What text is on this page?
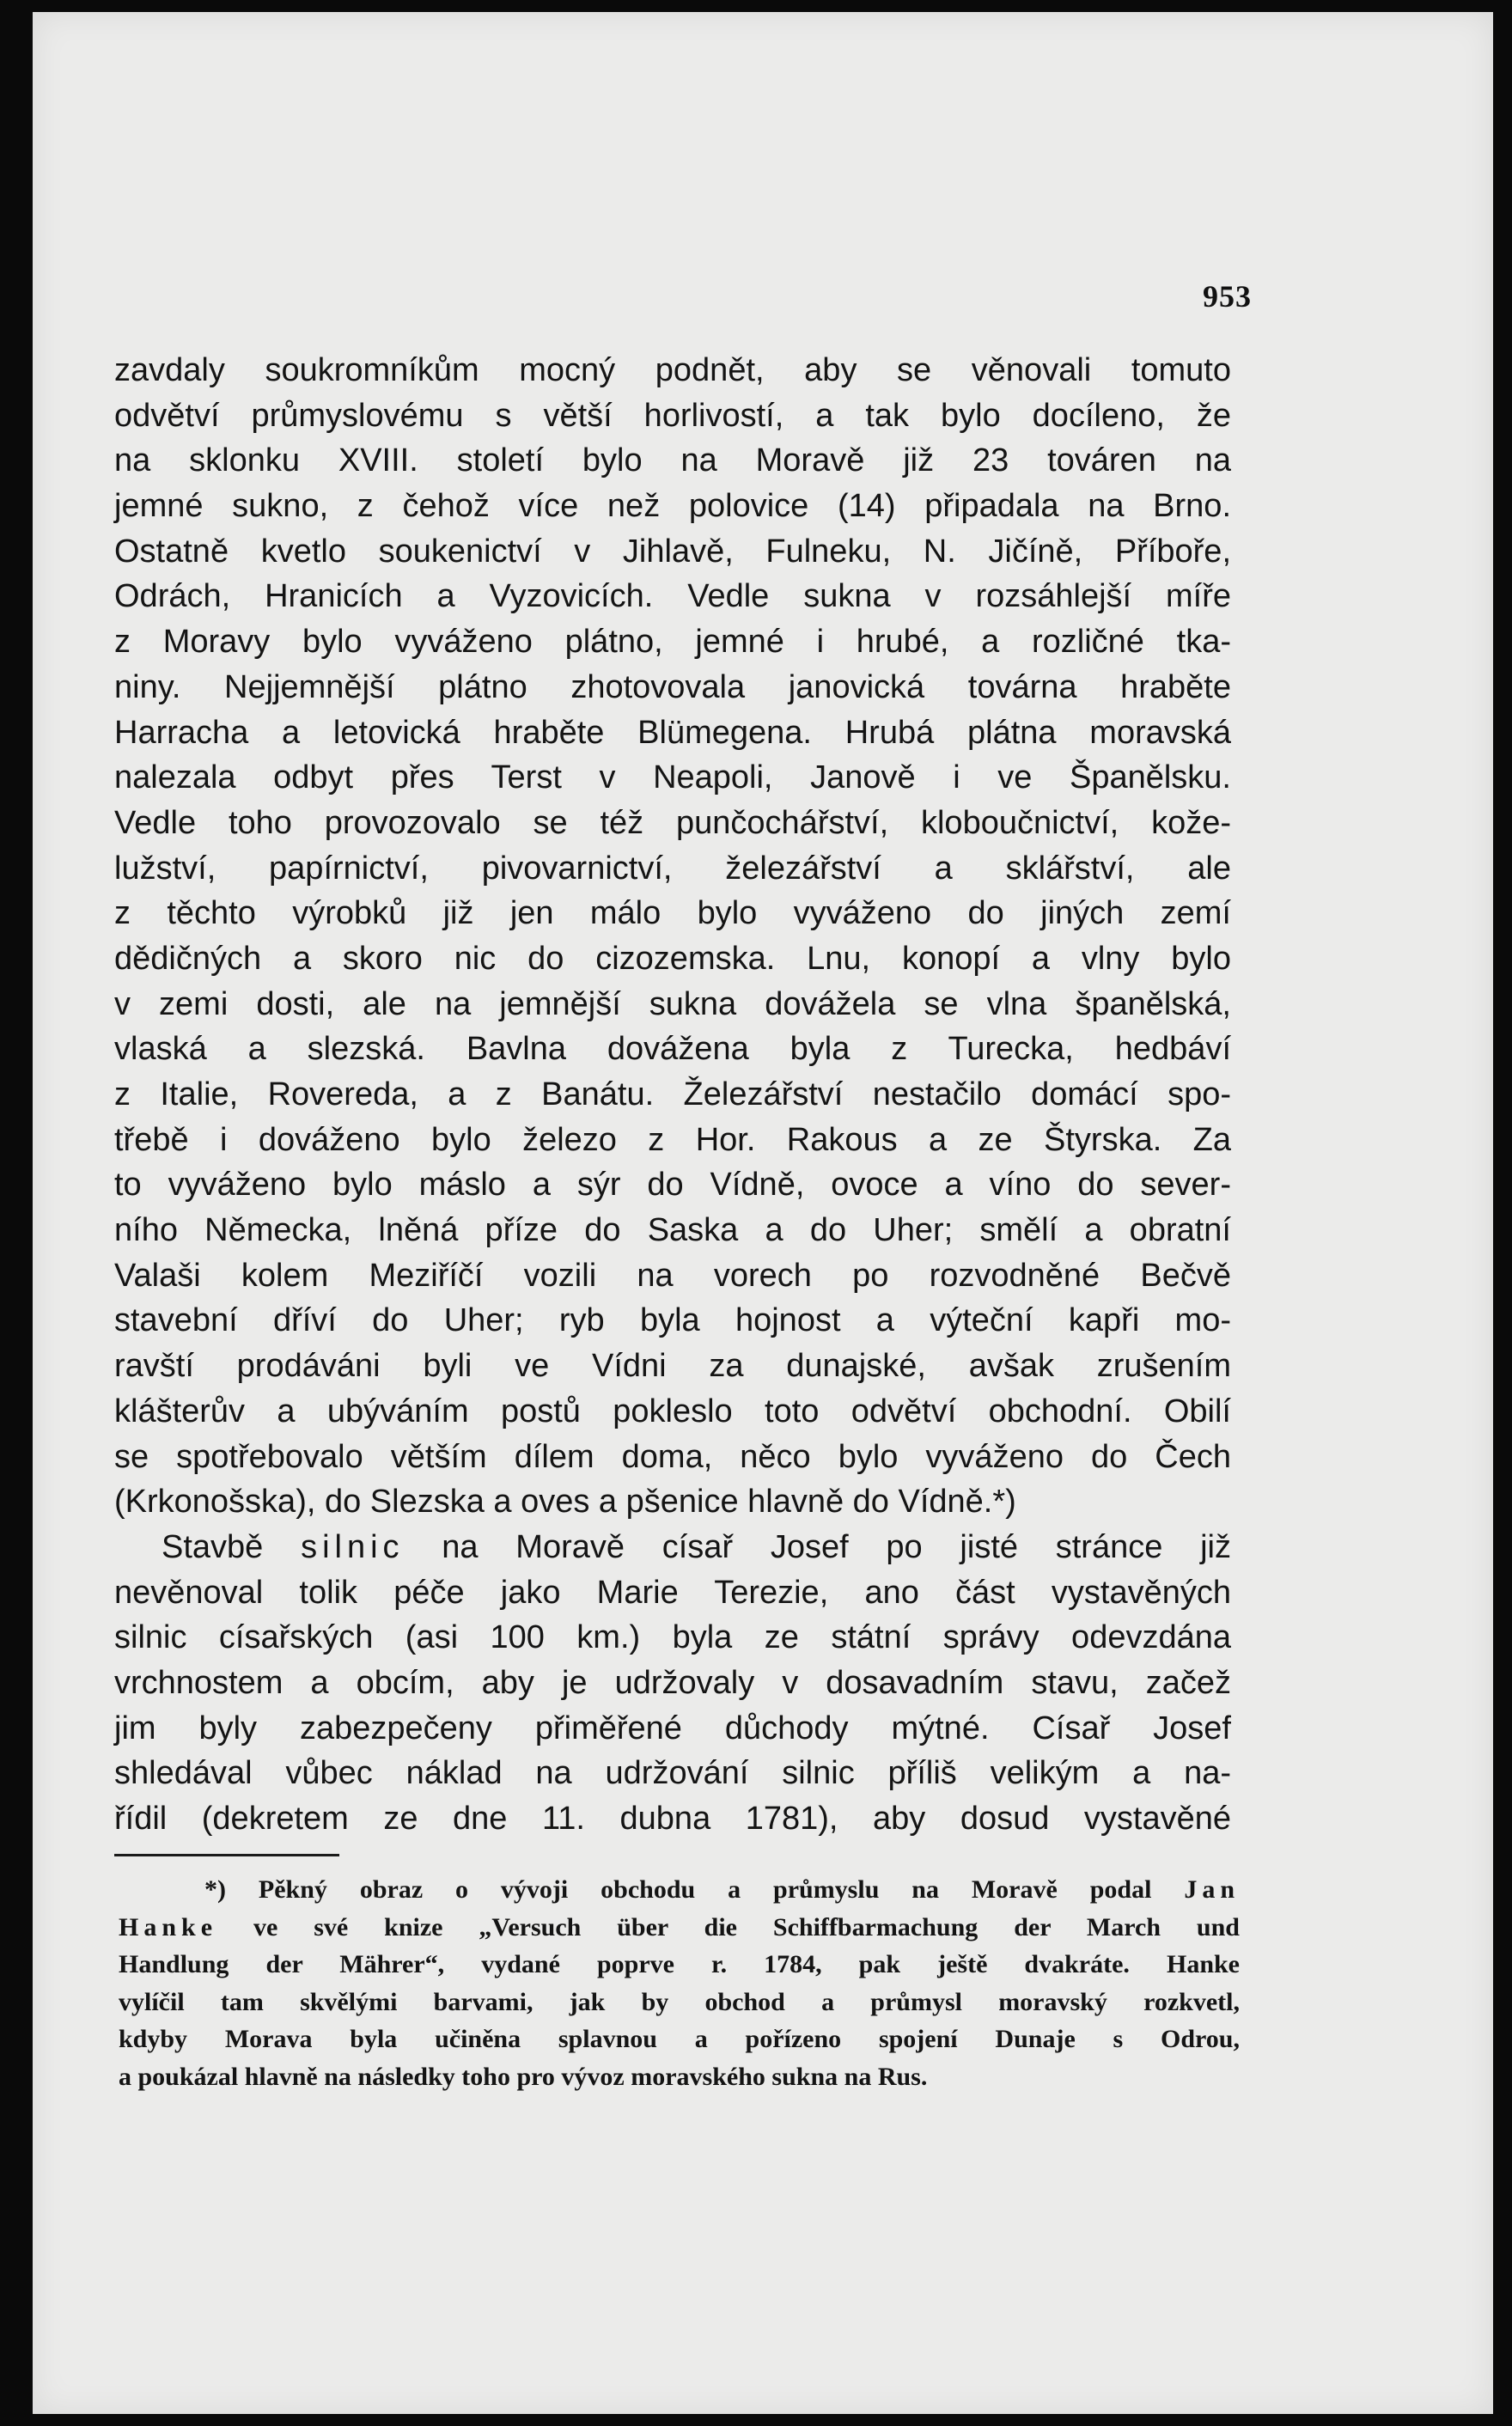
953
zavdaly soukromníkům mocný podnět, aby se věnovali tomuto
odvětví průmyslovému s větší horlivostí, a tak bylo docíleno, že
na sklonku XVIII. století bylo na Moravě již 23 továren na
jemné sukno, z čehož více než polovice (14) připadala na Brno.
Ostatně kvetlo soukenictví v Jihlavě, Fulneku, N. Jičíně, Příboře,
Odrách, Hranicích a Vyzovicích. Vedle sukna v rozsáhlejší míře
z Moravy bylo vyváženo plátno, jemné i hrubé, a rozličné tka-
niny. Nejjemnější plátno zhotovovala janovická továrna hraběte
Harracha a letovická hraběte Blümegena. Hrubá plátna moravská
nalezala odbyt přes Terst v Neapoli, Janově i ve Španělsku.
Vedle toho provozovalo se též punčochářství, kloboučnictví, kože-
lužství, papírnictví, pivovarnictví, železářství a sklářství, ale
z těchto výrobků již jen málo bylo vyváženo do jiných zemí
dědičných a skoro nic do cizozemska. Lnu, konopí a vlny bylo
v zemi dosti, ale na jemnější sukna dovážela se vlna španělská,
vlaská a slezská. Bavlna dovážena byla z Turecka, hedbáví
z Italie, Rovereda, a z Banátu. Železářství nestačilo domácí spo-
třebě i dováženo bylo železo z Hor. Rakous a ze Štyrska. Za
to vyváženo bylo máslo a sýr do Vídně, ovoce a víno do sever-
ního Německa, lněná příze do Saska a do Uher; smělí a obratní
Valaši kolem Meziříčí vozili na vorech po rozvodněné Bečvě
stavební dříví do Uher; ryb byla hojnost a výteční kapři mo-
ravští prodáváni byli ve Vídni za dunajské, avšak zrušením
klášterův a ubýváním postů pokleslo toto odvětví obchodní. Obilí
se spotřebovalo větším dílem doma, něco bylo vyváženo do Čech
(Krkonošska), do Slezska a oves a pšenice hlavně do Vídně.*)
Stavbě silnic na Moravě císař Josef po jisté stránce již
nevěnoval tolik péče jako Marie Terezie, ano část vystavěných
silnic císařských (asi 100 km.) byla ze státní správy odevzdána
vrchnostem a obcím, aby je udržovaly v dosavadním stavu, začež
jim byly zabezpečeny přiměřené důchody mýtné. Císař Josef
shledával vůbec náklad na udržování silnic příliš velikým a na-
řídil (dekretem ze dne 11. dubna 1781), aby dosud vystavěné
*) Pěkný obraz o vývoji obchodu a průmyslu na Moravě podal Jan
Hanke ve své knize „Versuch über die Schiffbarmachung der March und
Handlung der Mährer“, vydané poprve r. 1784, pak ještě dvakráte. Hanke
vylíčil tam skvělými barvami, jak by obchod a průmysl moravský rozkvetl,
kdyby Morava byla učiněna splavnou a pořízeno spojení Dunaje s Odrou,
a poukázal hlavně na následky toho pro vývoz moravského sukna na Rus.
